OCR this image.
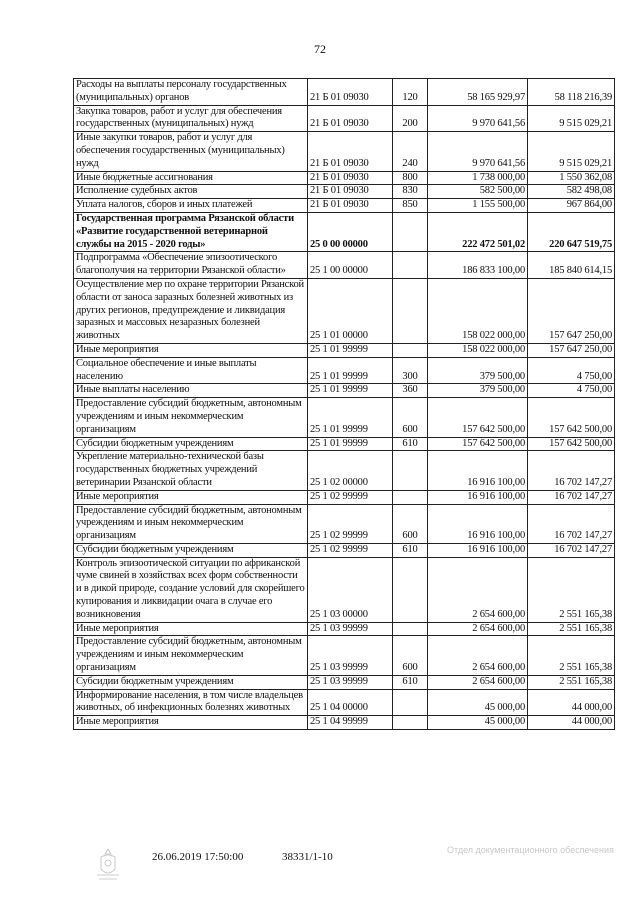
72
Расходы на выплаты персоналу государственных (муниципальных) органов	21 Б 01 09030	120	58 165 929,97	58 118 216,39
Закупка товаров, работ и услуг для обеспечения государственных (муниципальных) нужд	21 Б 01 09030	200	9 970 641,56	9 515 029,21
Иные закупки товаров, работ и услуг для обеспечения государственных (муниципальных) нужд	21 Б 01 09030	240	9 970 641,56	9 515 029,21
Иные бюджетные ассигнования	21 Б 01 09030	800	1 738 000,00	1 550 362,08
Исполнение судебных актов	21 Б 01 09030	830	582 500,00	582 498,08
Уплата налогов, сборов и иных платежей	21 Б 01 09030	850	1 155 500,00	967 864,00
Государственная программа Рязанской области «Развитие государственной ветеринарной службы на 2015 - 2020 годы»	25 0 00 00000		222 472 501,02	220 647 519,75
Подпрограмма «Обеспечение эпизоотического благополучия на территории Рязанской области»	25 1 00 00000		186 833 100,00	185 840 614,15
Осуществление мер по охране территории Рязанской области от заноса заразных болезней животных из других регионов, предупреждение и ликвидация заразных и массовых незаразных болезней животных	25 1 01 00000		158 022 000,00	157 647 250,00
Иные мероприятия	25 1 01 99999		158 022 000,00	157 647 250,00
Социальное обеспечение и иные выплаты населению	25 1 01 99999	300	379 500,00	4 750,00
Иные выплаты населению	25 1 01 99999	360	379 500,00	4 750,00
Предоставление субсидий бюджетным, автономным учреждениям и иным некоммерческим организациям	25 1 01 99999	600	157 642 500,00	157 642 500,00
Субсидии бюджетным учреждениям	25 1 01 99999	610	157 642 500,00	157 642 500,00
Укрепление материально-технической базы государственных бюджетных учреждений ветеринарии Рязанской области	25 1 02 00000		16 916 100,00	16 702 147,27
Иные мероприятия	25 1 02 99999		16 916 100,00	16 702 147,27
Предоставление субсидий бюджетным, автономным учреждениям и иным некоммерческим организациям	25 1 02 99999	600	16 916 100,00	16 702 147,27
Субсидии бюджетным учреждениям	25 1 02 99999	610	16 916 100,00	16 702 147,27
Контроль эпизоотической ситуации по африканской чуме свиней в хозяйствах всех форм собственности и в дикой природе, создание условий для скорейшего купирования и ликвидации очага в случае его возникновения	25 1 03 00000		2 654 600,00	2 551 165,38
Иные мероприятия	25 1 03 99999		2 654 600,00	2 551 165,38
Предоставление субсидий бюджетным, автономным учреждениям и иным некоммерческим организациям	25 1 03 99999	600	2 654 600,00	2 551 165,38
Субсидии бюджетным учреждениям	25 1 03 99999	610	2 654 600,00	2 551 165,38
Информирование населения, в том числе владельцев животных, об инфекционных болезнях животных	25 1 04 00000		45 000,00	44 000,00
Иные мероприятия	25 1 04 99999		45 000,00	44 000,00
26.06.2019 17:50:00	38331/1-10
Отдел документационного обеспечения
